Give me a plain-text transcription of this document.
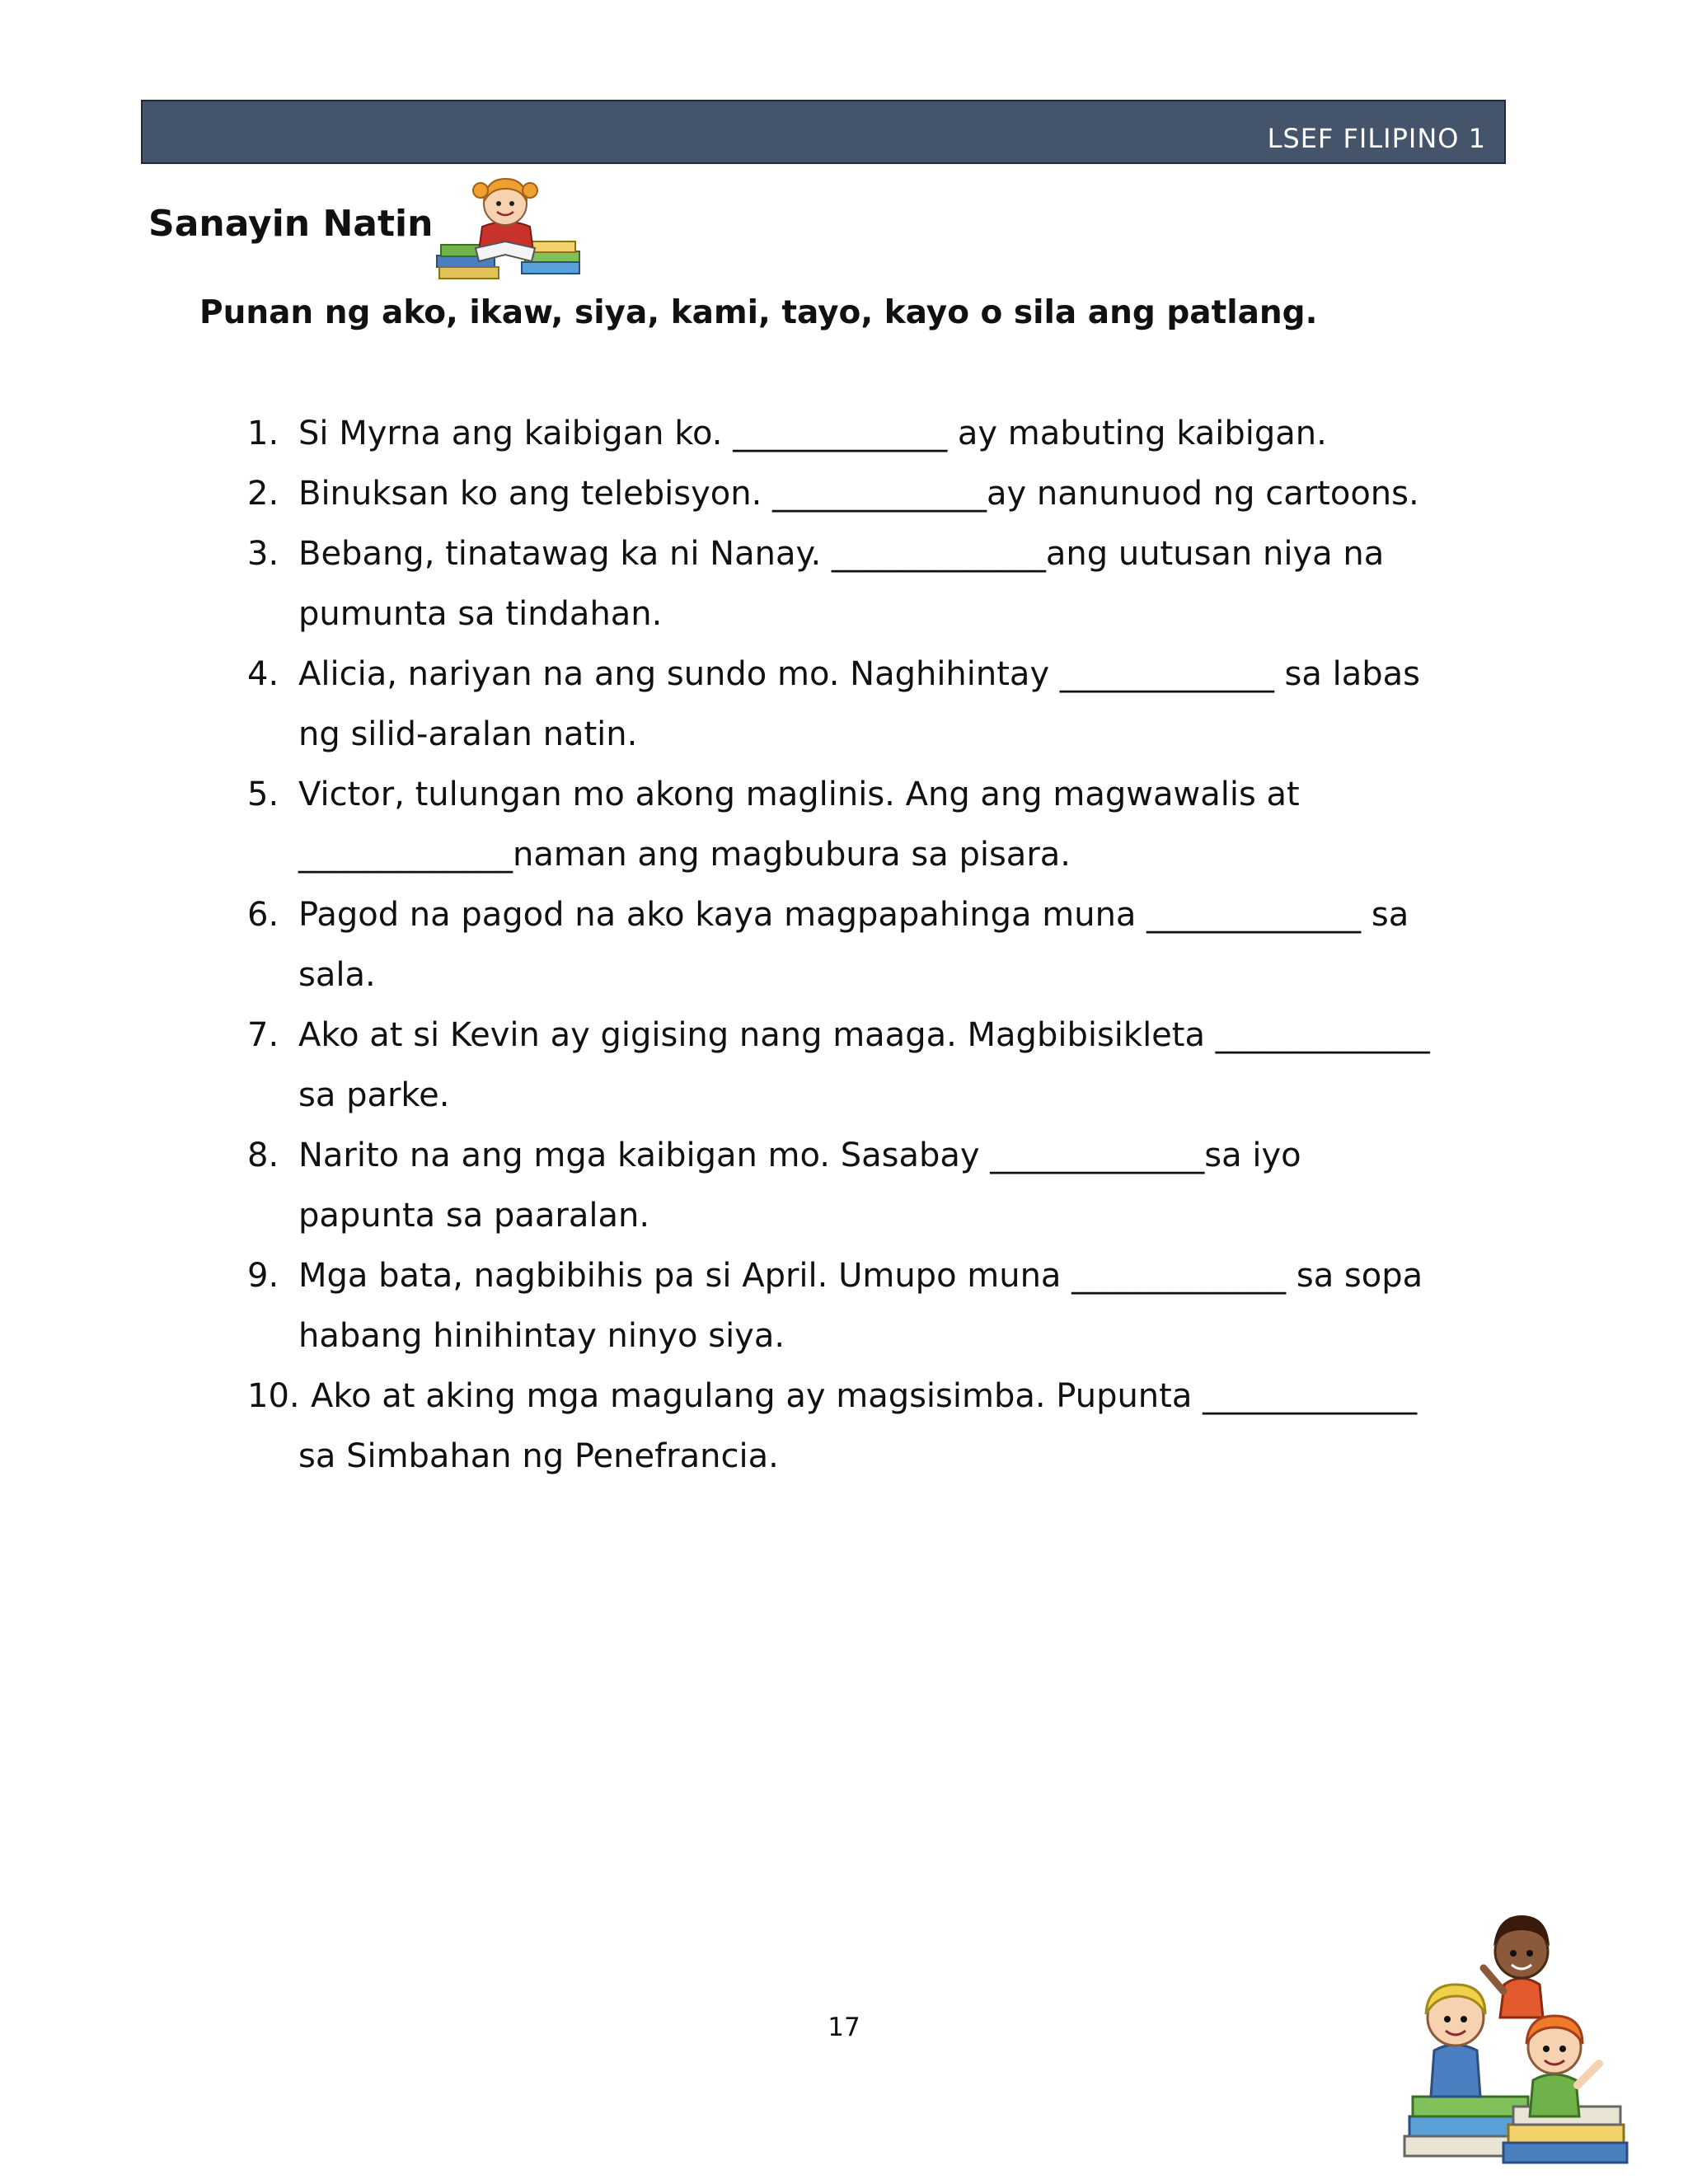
LSEF FILIPINO 1
Sanayin Natin

Punan ng ako, ikaw, siya, kami, tayo, kayo o sila ang patlang.

1. Si Myrna ang kaibigan ko. _____________ ay mabuting kaibigan.
2. Binuksan ko ang telebisyon. _____________ay nanunuod ng cartoons.
3. Bebang, tinatawag ka ni Nanay. _____________ang uutusan niya na
pumunta sa tindahan.
4. Alicia, nariyan na ang sundo mo. Naghihintay _____________ sa labas
ng silid-aralan natin.
5. Victor, tulungan mo akong maglinis. Ang ang magwawalis at
_____________naman ang magbubura sa pisara.
6. Pagod na pagod na ako kaya magpapahinga muna _____________ sa
sala.
7. Ako at si Kevin ay gigising nang maaga. Magbibisikleta _____________
sa parke.
8. Narito na ang mga kaibigan mo. Sasabay _____________sa iyo
papunta sa paaralan.
9. Mga bata, nagbibihis pa si April. Umupo muna _____________ sa sopa
habang hinihintay ninyo siya.
10. Ako at aking mga magulang ay magsisimba. Pupunta _____________
sa Simbahan ng Penefrancia.
17
